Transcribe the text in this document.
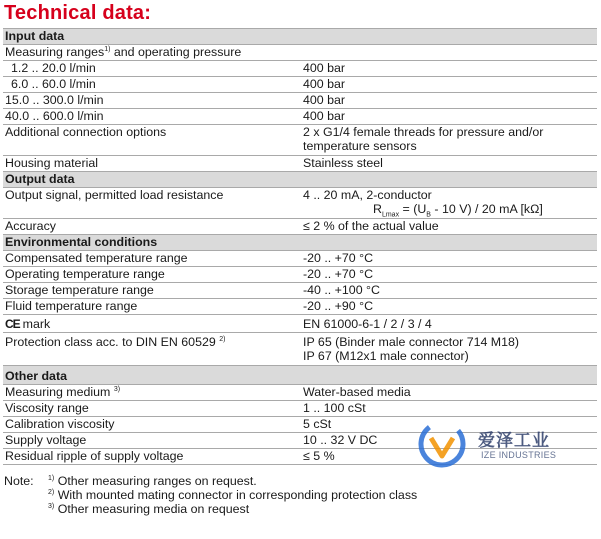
Technical data:
Input data	
Measuring ranges$^{1)}$ and operating pressure	
1.2 .. 20.0 l/min	400 bar
6.0 .. 60.0 l/min	400 bar
15.0 .. 300.0 l/min	400 bar
40.0 .. 600.0 l/min	400 bar
Additional connection options	2 x G1/4 female threads for pressure and/or
temperature sensors

Housing material	Stainless steel
Output data	
Output signal, permitted load resistance	4 .. 20 mA, 2-conductor
$R_{Lmax} = (U_B - 10$ V) / 20 mA [kΩ]

Accuracy	≤ 2 % of the actual value
Environmental conditions	
Compensated temperature range	-20 .. +70 °C
Operating temperature range	-20 .. +70 °C
Storage temperature range	-40 .. +100 °C
Fluid temperature range	-20 .. +90 °C
CE mark	EN 61000-6-1 / 2 / 3 / 4
Protection class acc. to DIN EN 60529 $^{2)}$	IP 65 (Binder male connector 714 M18)
IP 67 (M12x1 male connector)

Other data	
Measuring medium $^{3)}$	Water-based media
Viscosity range	1 .. 100 cSt
Calibration viscosity	5 cSt
Supply voltage	10 .. 32 V DC
Residual ripple of supply voltage	≤ 5 %
Note: $^{1)}$ Other measuring ranges on request.
$^{2)}$ With mounted mating connector in corresponding protection class
$^{3)}$ Other measuring media on request
爱泽工业
IZE INDUSTRIES
